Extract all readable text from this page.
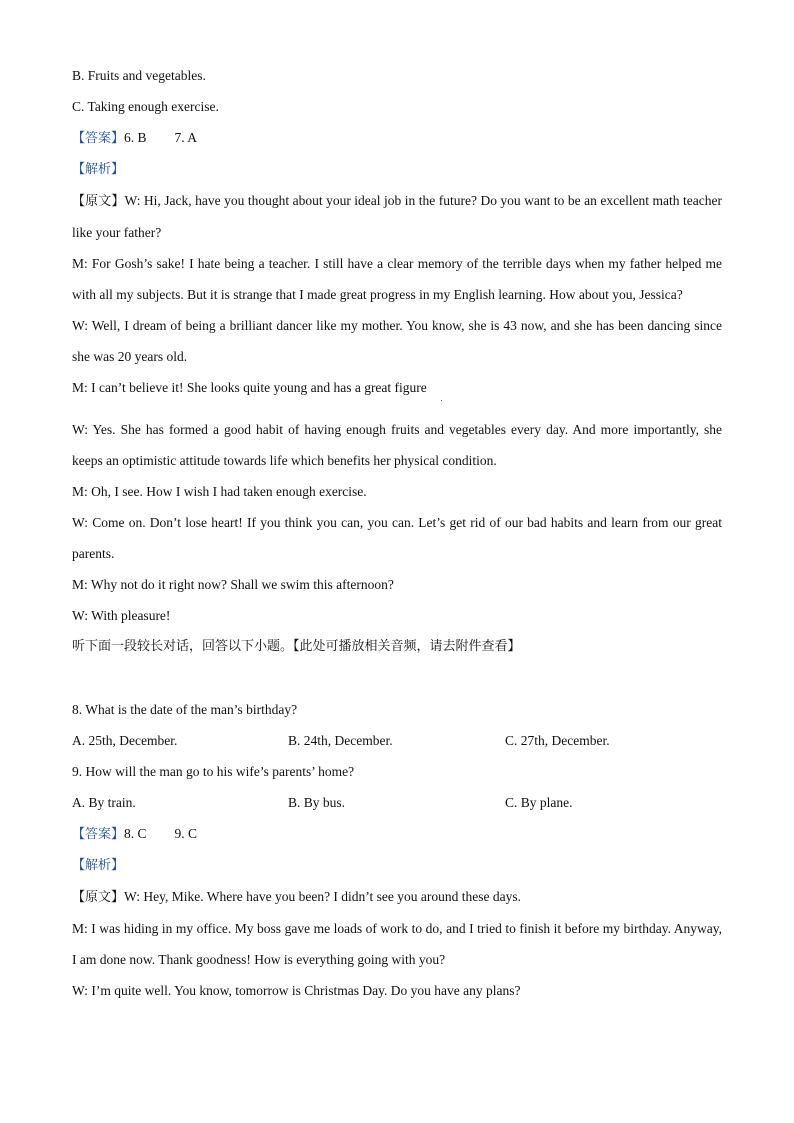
B. Fruits and vegetables.
C. Taking enough exercise.
【答案】6. B 7. A
【解析】
【原文】W: Hi, Jack, have you thought about your ideal job in the future? Do you want to be an excellent math teacher like your father?
M: For Gosh’s sake! I hate being a teacher. I still have a clear memory of the terrible days when my father helped me with all my subjects. But it is strange that I made great progress in my English learning. How about you, Jessica?
W: Well, I dream of being a brilliant dancer like my mother. You know, she is 43 now, and she has been dancing since she was 20 years old.
M: I can’t believe it! She looks quite young and has a great figure
W: Yes. She has formed a good habit of having enough fruits and vegetables every day. And more importantly, she keeps an optimistic attitude towards life which benefits her physical condition.
M: Oh, I see. How I wish I had taken enough exercise.
W: Come on. Don’t lose heart! If you think you can, you can. Let’s get rid of our bad habits and learn from our great parents.
M: Why not do it right now? Shall we swim this afternoon?
W: With pleasure!
听下面一段较长对话，回答以下小题。【此处可播放相关音频，请去附件查看】
8. What is the date of the man’s birthday?
A. 25th, December.	B. 24th, December.	C. 27th, December.
9. How will the man go to his wife’s parents’ home?
A. By train.	B. By bus.	C. By plane.
【答案】8. C 9. C
【解析】
【原文】W: Hey, Mike. Where have you been? I didn’t see you around these days.
M: I was hiding in my office. My boss gave me loads of work to do, and I tried to finish it before my birthday. Anyway, I am done now. Thank goodness! How is everything going with you?
W: I’m quite well. You know, tomorrow is Christmas Day. Do you have any plans?
